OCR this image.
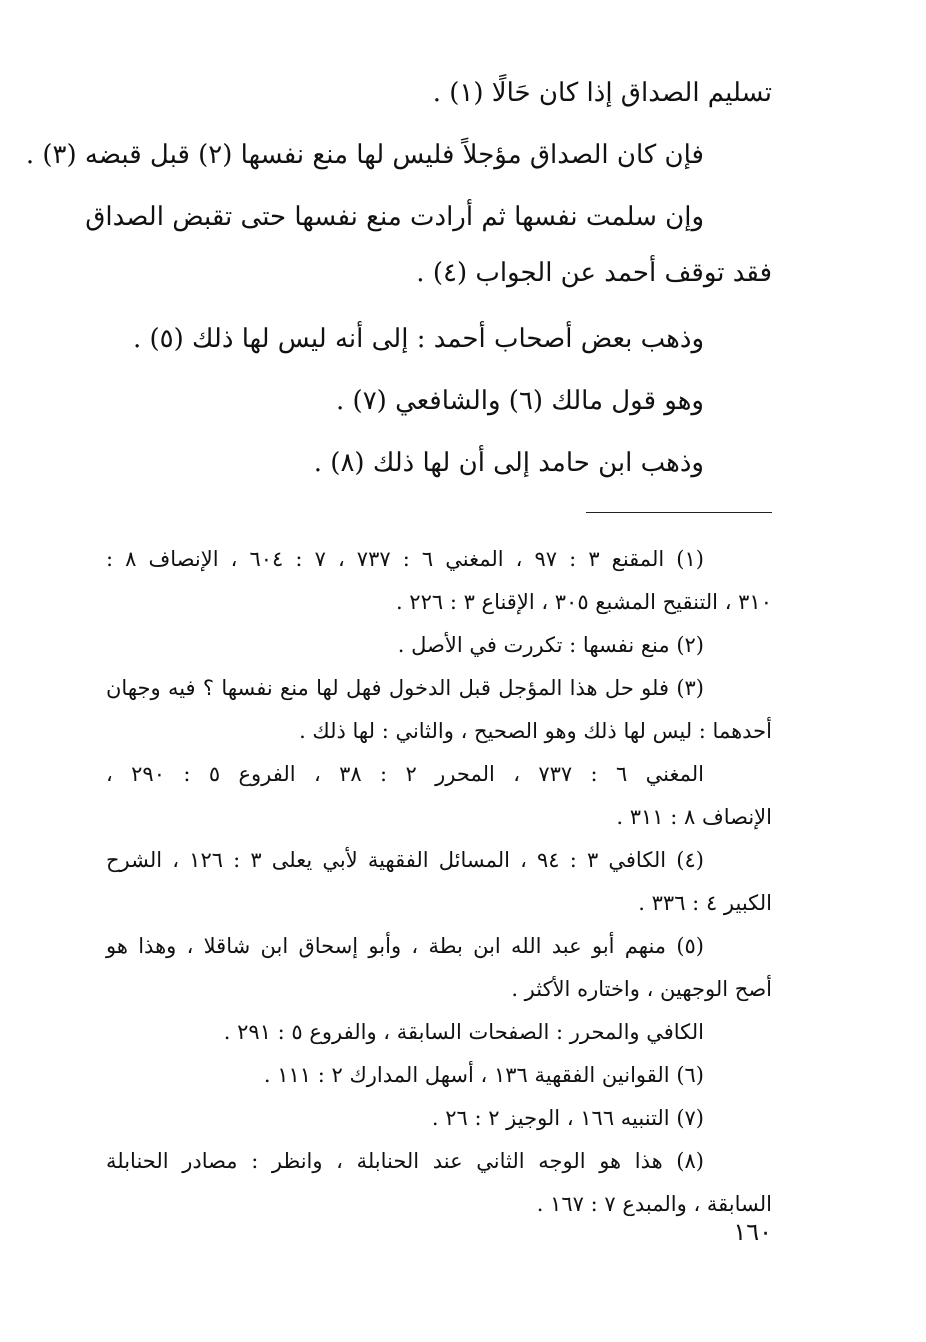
تسليم الصداق إذا كان حَالًا (١) .
فإن كان الصداق مؤجلاً فليس لها منع نفسها (٢) قبل قبضه (٣) .
وإن سلمت نفسها ثم أرادت منع نفسها حتى تقبض الصداق
فقد توقف أحمد عن الجواب (٤) .
وذهب بعض أصحاب أحمد : إلى أنه ليس لها ذلك (٥) .
وهو قول مالك (٦) والشافعي (٧) .
وذهب ابن حامد إلى أن لها ذلك (٨) .
(١) المقنع ٣ : ٩٧ ، المغني ٦ : ٧٣٧ ، ٧ : ٦٠٤ ، الإنصاف ٨ :
٣١٠ ، التنقيح المشبع ٣٠٥ ، الإقناع ٣ : ٢٢٦ .
(٢) منع نفسها : تكررت في الأصل .
(٣) فلو حل هذا المؤجل قبل الدخول فهل لها منع نفسها ؟ فيه وجهان
أحدهما : ليس لها ذلك وهو الصحيح ، والثاني : لها ذلك .
المغني ٦ : ٧٣٧ ، المحرر ٢ : ٣٨ ، الفروع ٥ : ٢٩٠ ،
الإنصاف ٨ : ٣١١ .
(٤) الكافي ٣ : ٩٤ ، المسائل الفقهية لأبي يعلى ٣ : ١٢٦ ، الشرح
الكبير ٤ : ٣٣٦ .
(٥) منهم أبو عبد الله ابن بطة ، وأبو إسحاق ابن شاقلا ، وهذا هو
أصح الوجهين ، واختاره الأكثر .
الكافي والمحرر : الصفحات السابقة ، والفروع ٥ : ٢٩١ .
(٦) القوانين الفقهية ١٣٦ ، أسهل المدارك ٢ : ١١١ .
(٧) التنبيه ١٦٦ ، الوجيز ٢ : ٢٦ .
(٨) هذا هو الوجه الثاني عند الحنابلة ، وانظر : مصادر الحنابلة
السابقة ، والمبدع ٧ : ١٦٧ .
١٦٠
